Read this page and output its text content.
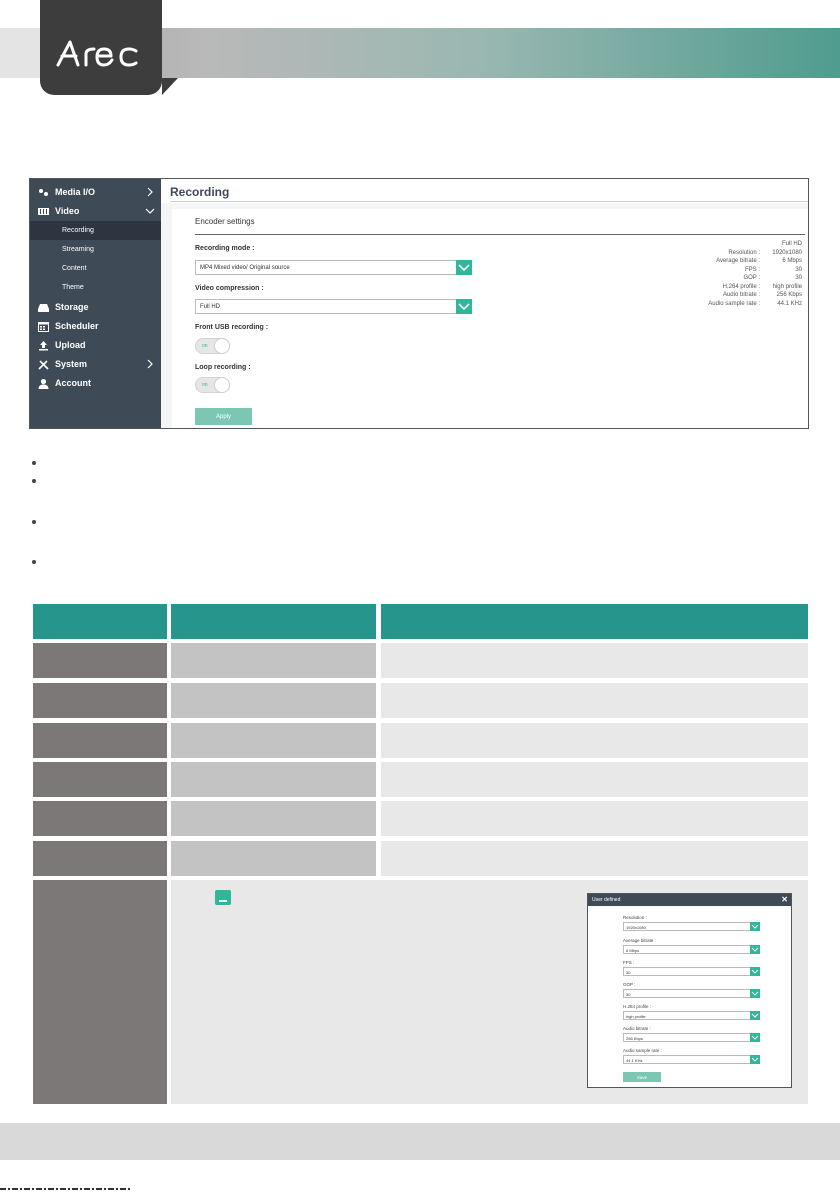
Media I/O
Video
Recording
Streaming
Content
Theme
Storage
Scheduler
Upload
System
Account
Recording
Encoder settings
Recording mode :
MP4 Mixed video/ Original source
Video compression :
Full HD
Front USB recording :
on
Loop recording :
on
Apply
Full HD
Resolution : 1920x1080
Average bitrate :	6 Mbps
FPS :	30
GOP :	30
H.264 profile : high profile
Audio bitrate :	256 Kbps
Audio sample rate :	44.1 KHz
User defined	✕
Resolution :
1920x1080
Average bitrate :
6 Mbps
FPS :
30
GOP :
30
H.264 profile :
high profile
Audio bitrate :
256 Kbps
Audio sample rate :
44.1 KHz
Save
